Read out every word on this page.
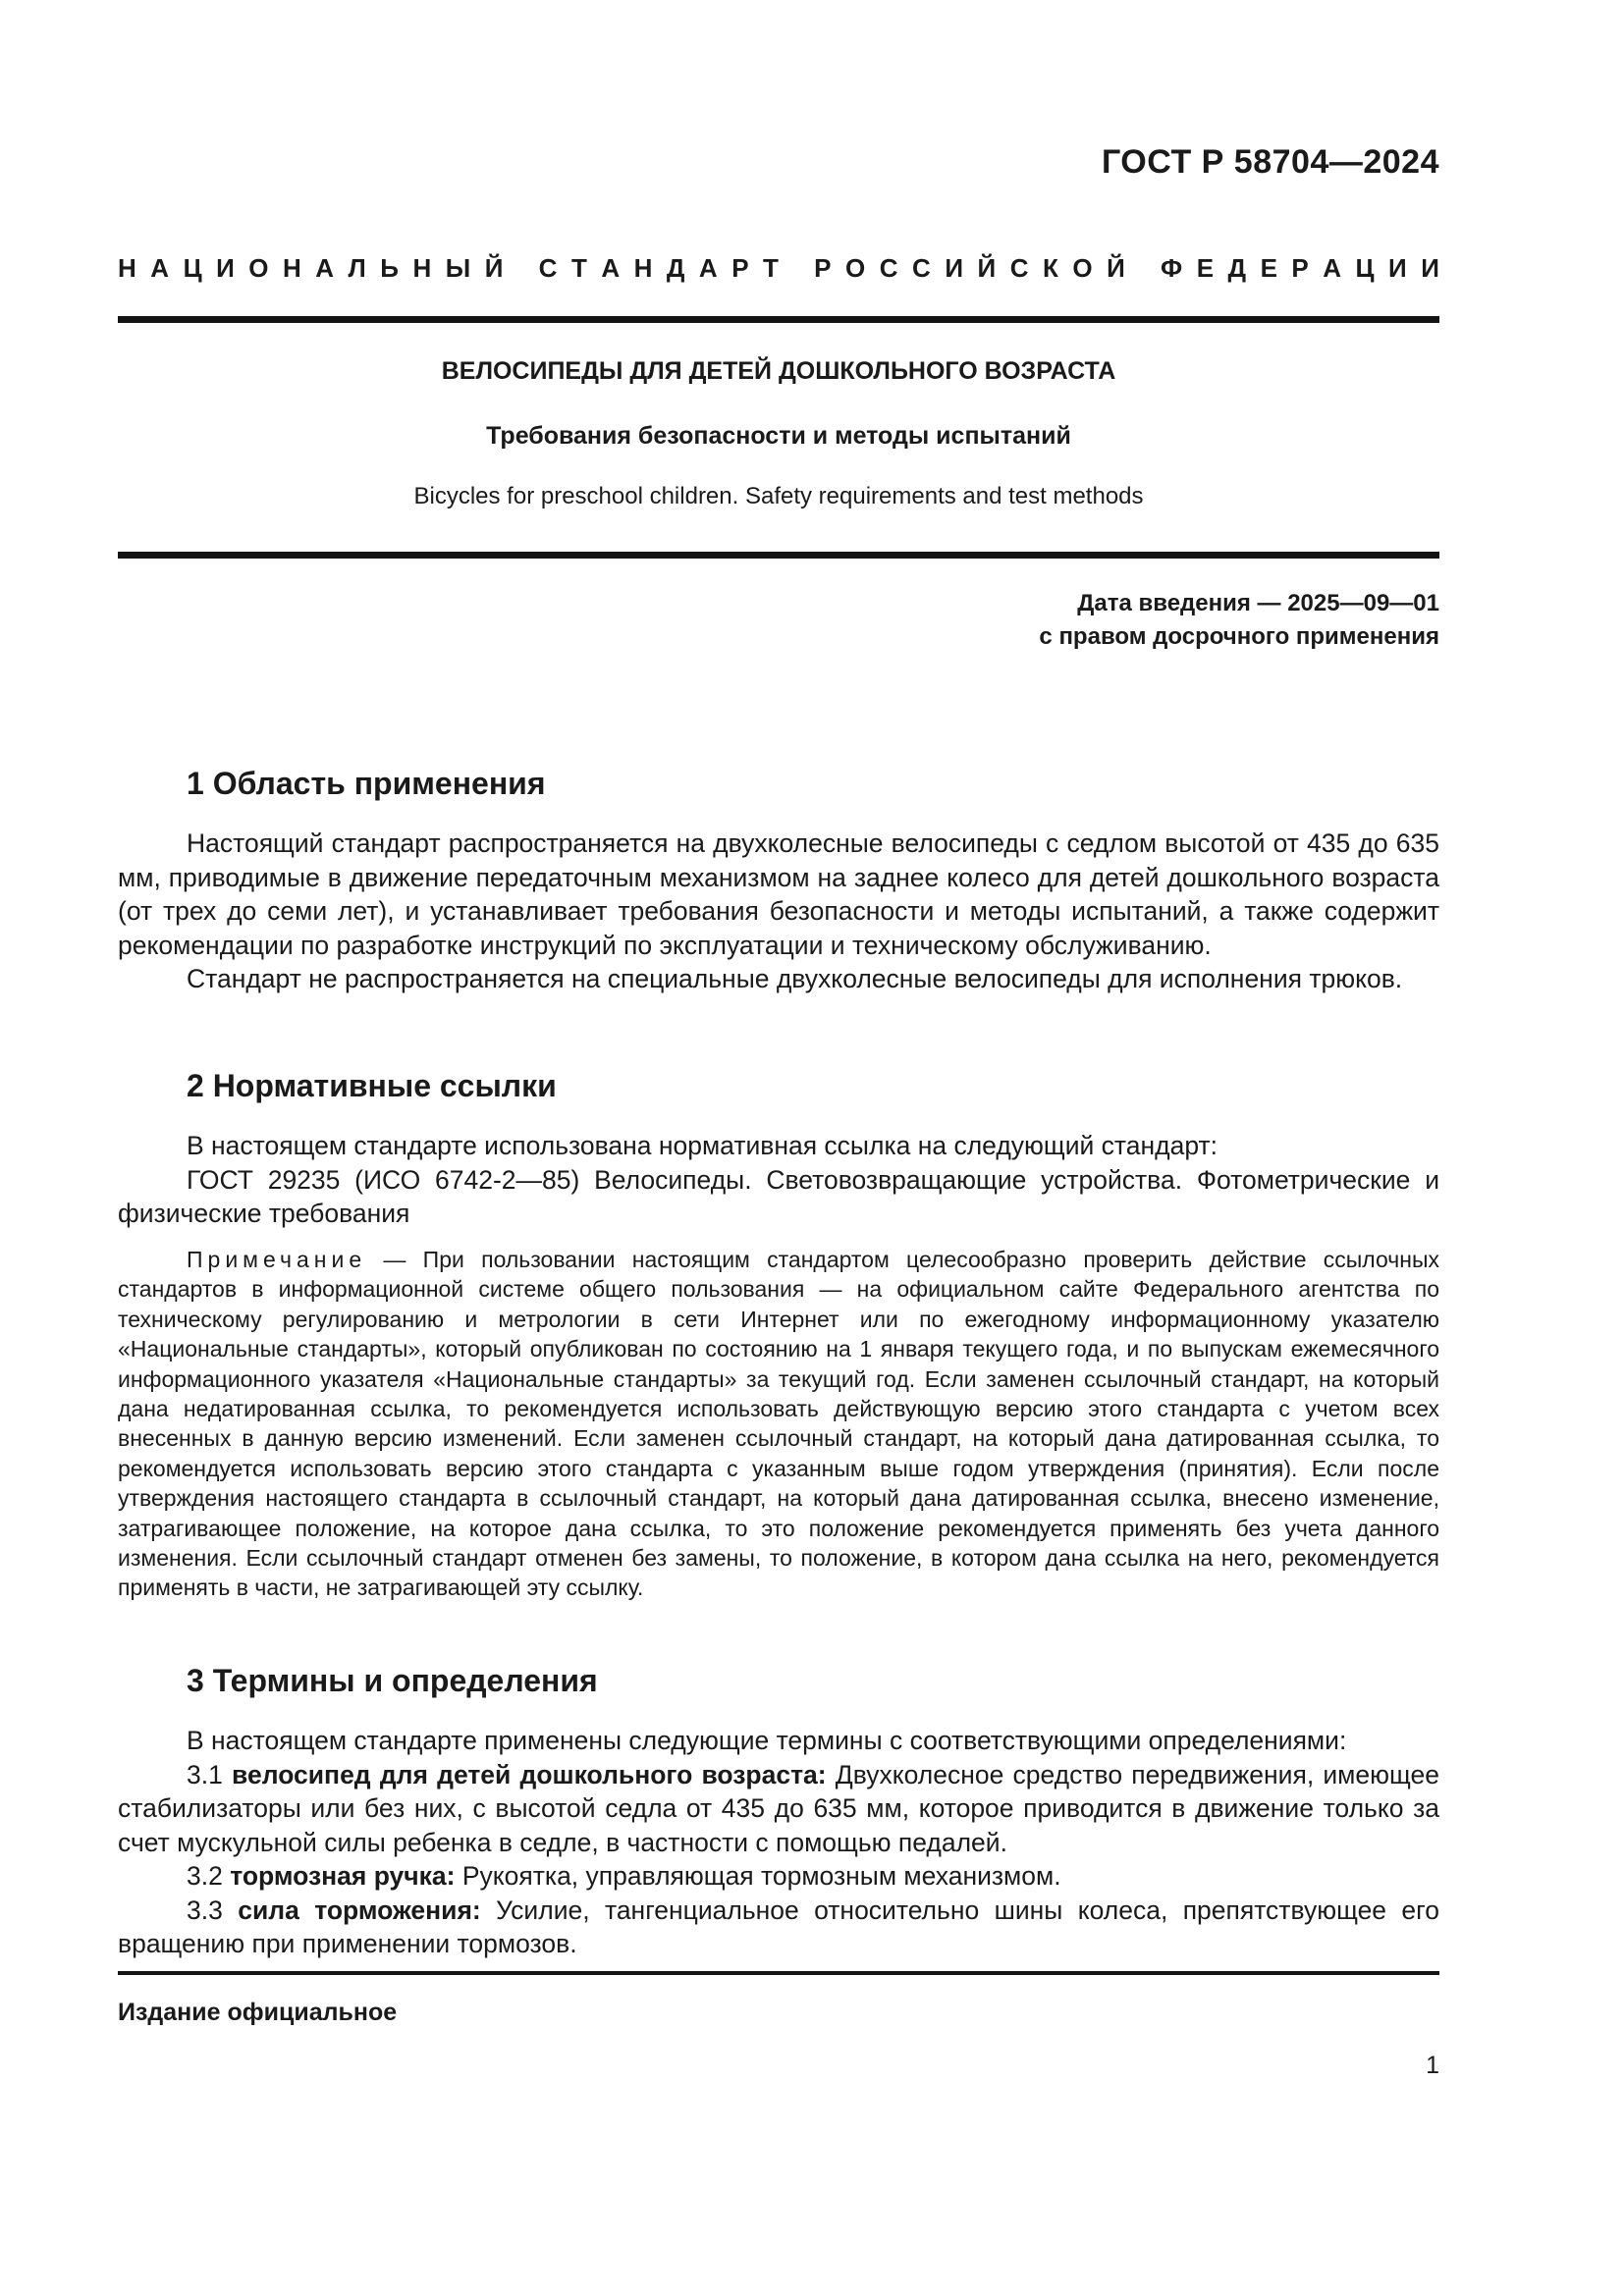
ГОСТ Р 58704—2024
Н А Ц И О Н А Л Ь Н Ы Й
С Т А Н Д А Р Т
Р О С С И Й С К О Й
Ф Е Д Е Р А Ц И И
ВЕЛОСИПЕДЫ ДЛЯ ДЕТЕЙ ДОШКОЛЬНОГО ВОЗРАСТА
Требования безопасности и методы испытаний
Bicycles for preschool children. Safety requirements and test methods
Дата введения — 2025—09—01
с правом досрочного применения
1 Область применения

Настоящий стандарт распространяется на двухколесные велосипеды с седлом высотой от 435 до 635 мм, приводимые в движение передаточным механизмом на заднее колесо для детей дошкольного возраста (от трех до семи лет), и устанавливает требования безопасности и методы испытаний, а также содержит рекомендации по разработке инструкций по эксплуатации и техническому обслуживанию.

Стандарт не распространяется на специальные двухколесные велосипеды для исполнения трюков.

2 Нормативные ссылки

В настоящем стандарте использована нормативная ссылка на следующий стандарт:

ГОСТ 29235 (ИСО 6742-2—85) Велосипеды. Световозвращающие устройства. Фотометрические и физические требования

Примечание — При пользовании настоящим стандартом целесообразно проверить действие ссылочных стандартов в информационной системе общего пользования — на официальном сайте Федерального агентства по техническому регулированию и метрологии в сети Интернет или по ежегодному информационному указателю «Национальные стандарты», который опубликован по состоянию на 1 января текущего года, и по выпускам ежемесячного информационного указателя «Национальные стандарты» за текущий год. Если заменен ссылочный стандарт, на который дана недатированная ссылка, то рекомендуется использовать действующую версию этого стандарта с учетом всех внесенных в данную версию изменений. Если заменен ссылочный стандарт, на который дана датированная ссылка, то рекомендуется использовать версию этого стандарта с указанным выше годом утверждения (принятия). Если после утверждения настоящего стандарта в ссылочный стандарт, на который дана датированная ссылка, внесено изменение, затрагивающее положение, на которое дана ссылка, то это положение рекомендуется применять без учета данного изменения. Если ссылочный стандарт отменен без замены, то положение, в котором дана ссылка на него, рекомендуется применять в части, не затрагивающей эту ссылку.

3 Термины и определения

В настоящем стандарте применены следующие термины с соответствующими определениями:

3.1 велосипед для детей дошкольного возраста: Двухколесное средство передвижения, имеющее стабилизаторы или без них, с высотой седла от 435 до 635 мм, которое приводится в движение только за счет мускульной силы ребенка в седле, в частности с помощью педалей.

3.2 тормозная ручка: Рукоятка, управляющая тормозным механизмом.

3.3 сила торможения: Усилие, тангенциальное относительно шины колеса, препятствующее его вращению при применении тормозов.

Издание официальное
1
